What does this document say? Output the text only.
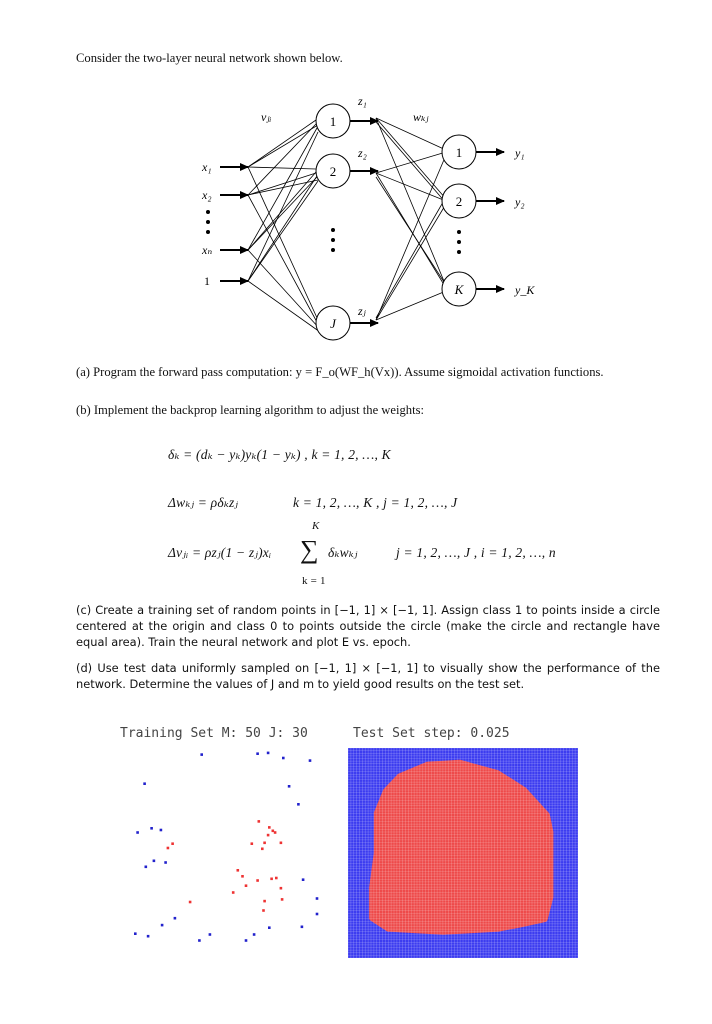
Consider the two-layer neural network shown below.
1
2
J
1
2
K
x₁
x₂
xₙ
1
vⱼᵢ	wₖⱼ
z₁
z₂
zⱼ
y₁
y₂
y_K
(a) Program the forward pass computation: y = F_o(WF_h(Vx)). Assume sigmoidal activation functions.
(b) Implement the backprop learning algorithm to adjust the weights:
δₖ = (dₖ − yₖ)yₖ(1 − yₖ) , k = 1, 2, …, K
Δwₖⱼ = ρδₖzⱼ	k = 1, 2, …, K , j = 1, 2, …, J
K
Δvⱼᵢ = ρzⱼ(1 − zⱼ)xᵢ ∑ δₖwₖⱼ	j = 1, 2, …, J , i = 1, 2, …, n
k = 1
(c) Create a training set of random points in [−1, 1] × [−1, 1]. Assign class 1 to points inside a circle centered at the origin and class 0 to points outside the circle (make the circle and rectangle have equal area). Train the neural network and plot E vs. epoch.
(d) Use test data uniformly sampled on [−1, 1] × [−1, 1] to visually show the performance of the network. Determine the values of J and m to yield good results on the test set.
Training Set M: 50 J: 30	Test Set step: 0.025
